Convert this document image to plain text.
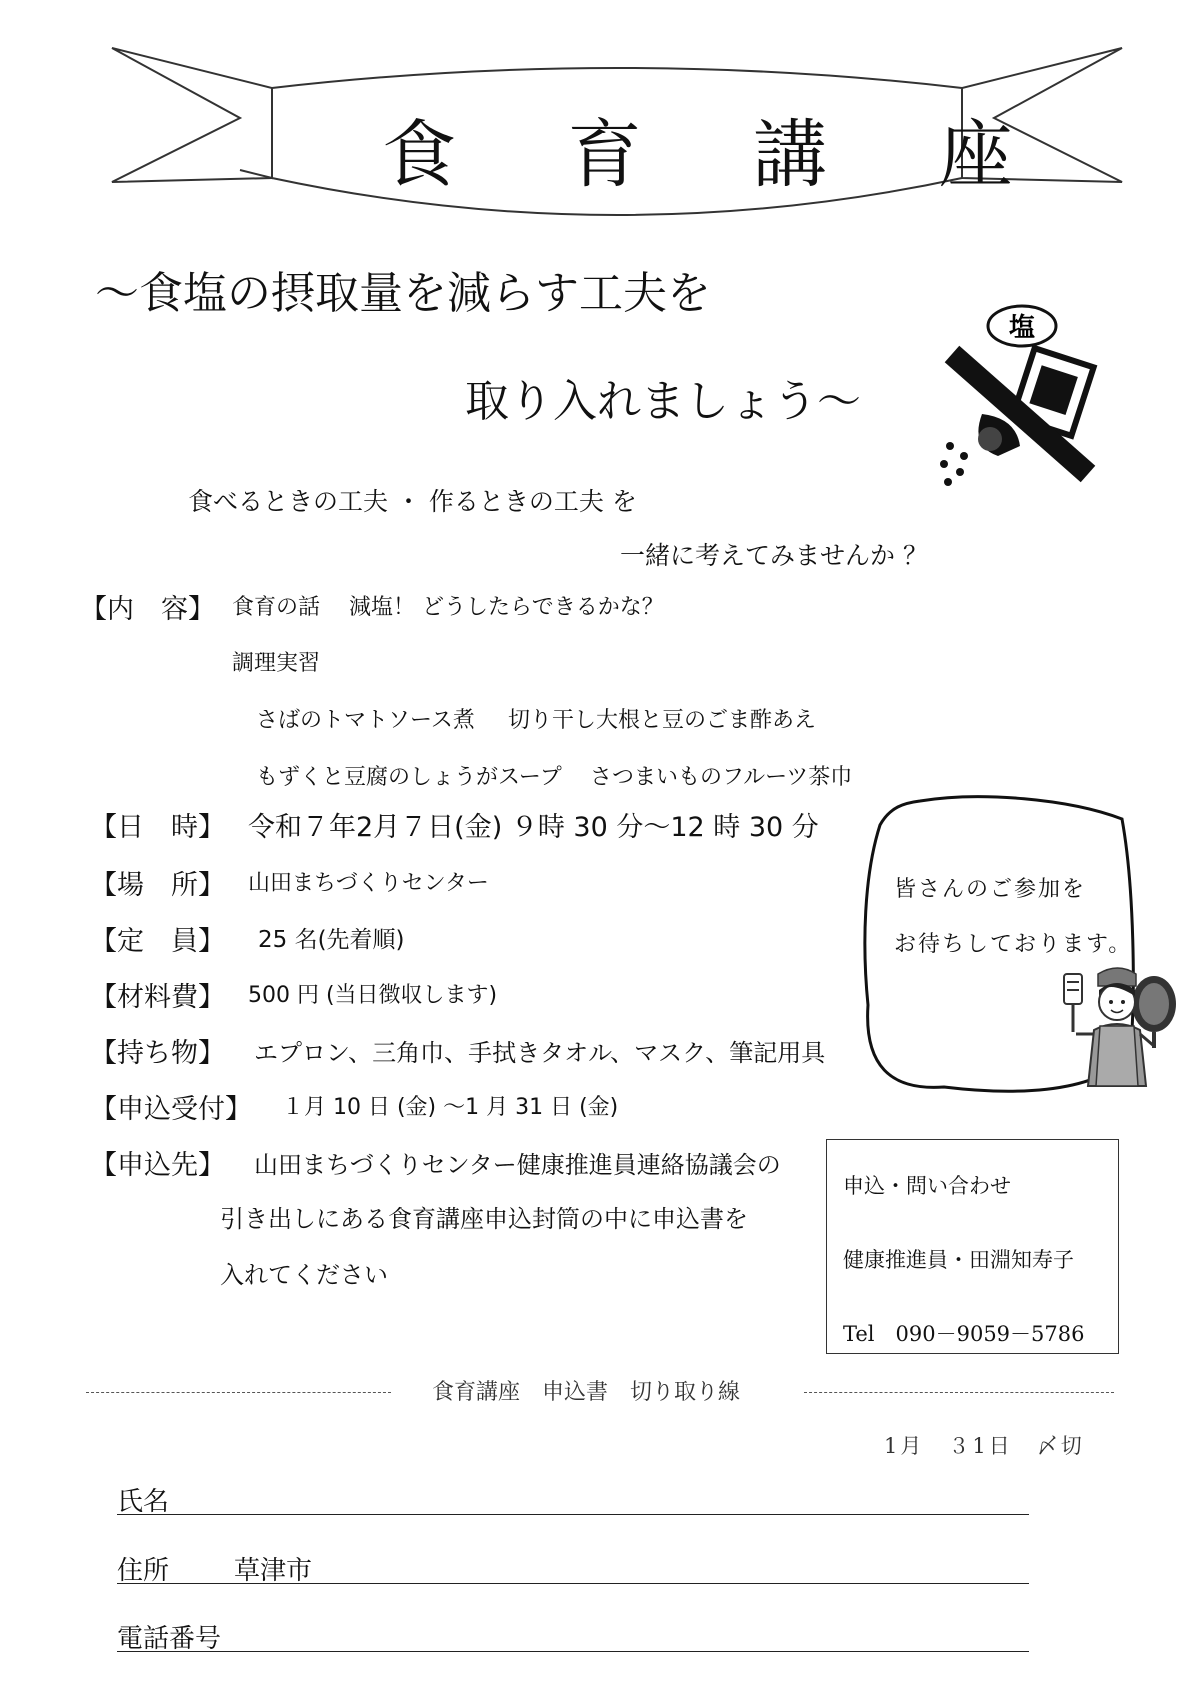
食 育 講 座
～食塩の摂取量を減らす工夫を
取り入れましょう～
塩
食べるときの工夫 ・ 作るときの工夫 を
一緒に考えてみませんか ？
【内　容】 食育の話　 減塩！ どうしたらできるかな？
調理実習
さばのトマトソース煮 切り干し大根と豆のごま酢あえ
もずくと豆腐のしょうがスープ さつまいものフルーツ茶巾
【日　時】 令和７年2月７日(金) ９時 30 分～12 時 30 分
【場　所】 山田まちづくりセンター
【定　員】 25 名(先着順)
【材料費】 500 円 (当日徴収します)
【持ち物】 エプロン、三角巾、手拭きタオル、マスク、筆記用具
【申込受付】 １月 10 日 (金) ～1 月 31 日 (金)
【申込先】 山田まちづくりセンター健康推進員連絡協議会の
引き出しにある食育講座申込封筒の中に申込書を
入れてください
皆さんのご参加を
お待ちしております。
申込・問い合わせ
健康推進員・田淵知寿子
Tel　090－9059－5786
食育講座　申込書　切り取り線
1月　３1日　〆切
氏名
住所 草津市
電話番号
